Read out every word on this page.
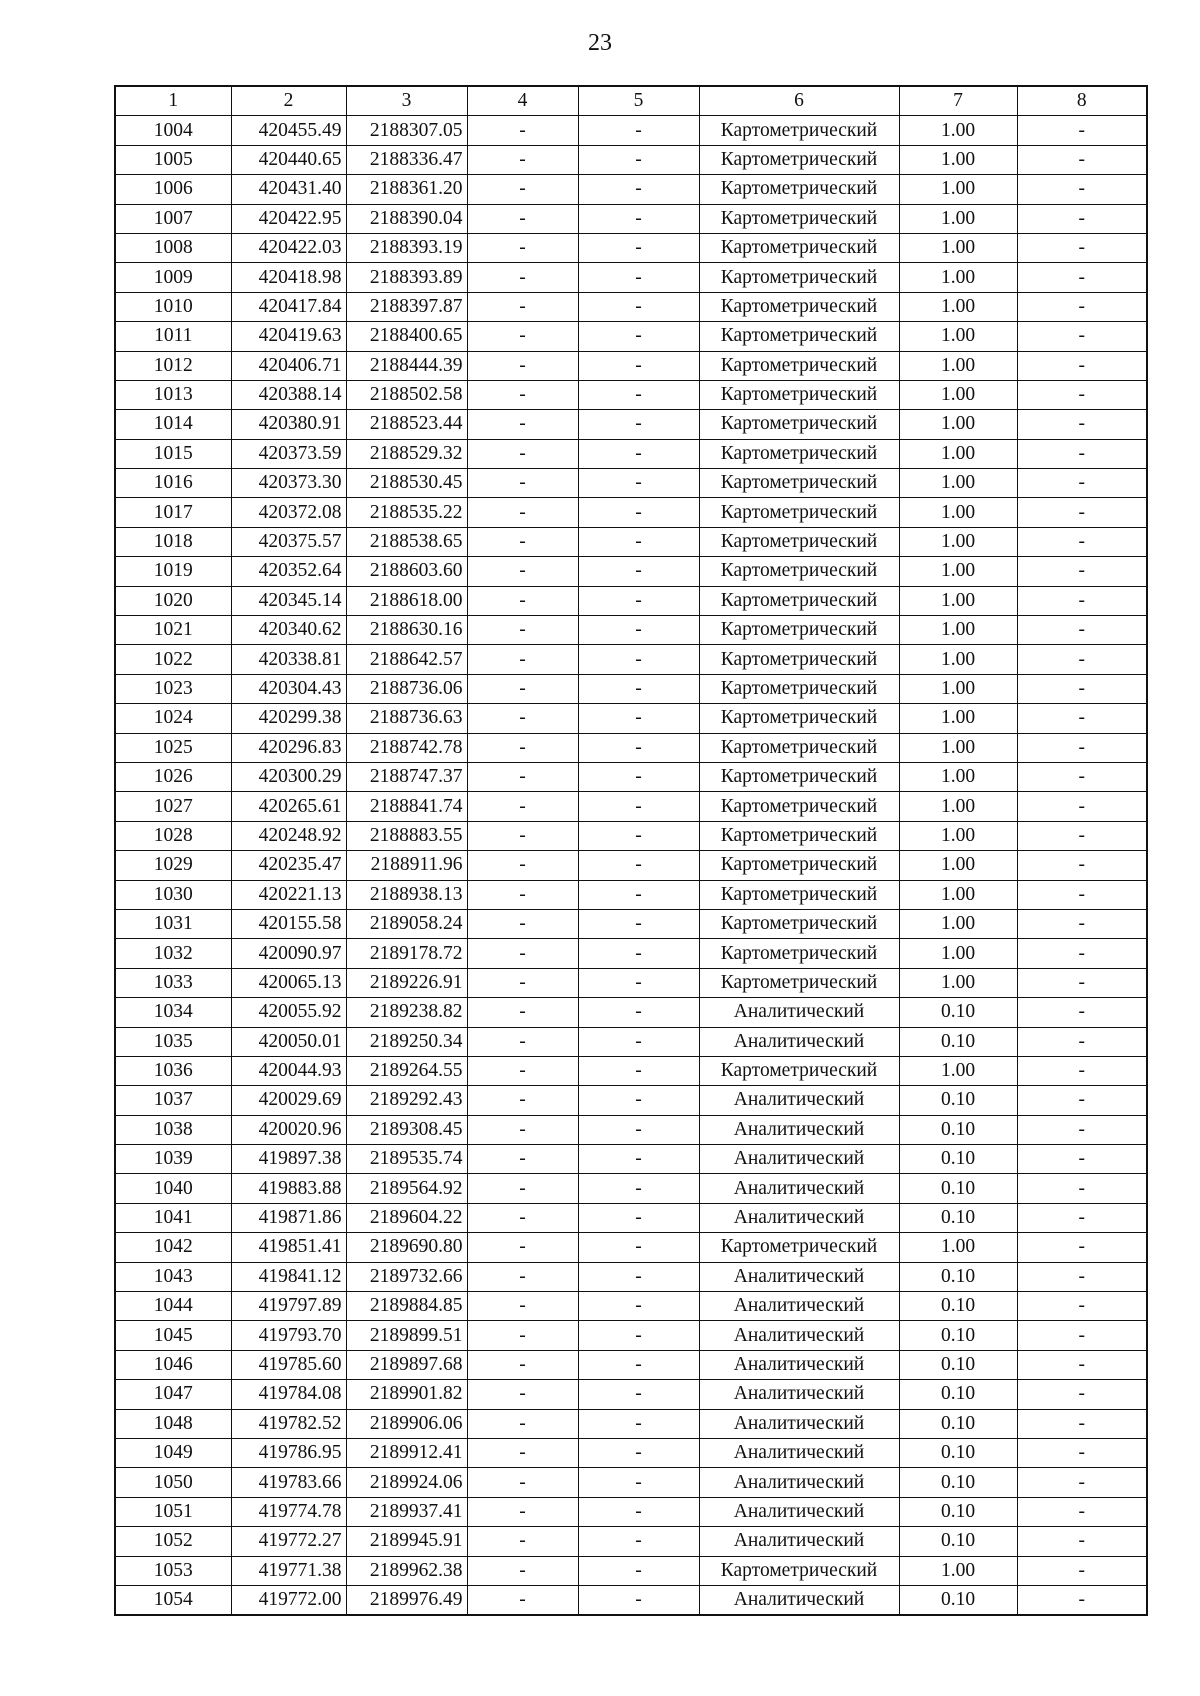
23
1	2	3	4	5	6	7	8
1004	420455.49	2188307.05	-	-	Картометрический	1.00	-
1005	420440.65	2188336.47	-	-	Картометрический	1.00	-
1006	420431.40	2188361.20	-	-	Картометрический	1.00	-
1007	420422.95	2188390.04	-	-	Картометрический	1.00	-
1008	420422.03	2188393.19	-	-	Картометрический	1.00	-
1009	420418.98	2188393.89	-	-	Картометрический	1.00	-
1010	420417.84	2188397.87	-	-	Картометрический	1.00	-
1011	420419.63	2188400.65	-	-	Картометрический	1.00	-
1012	420406.71	2188444.39	-	-	Картометрический	1.00	-
1013	420388.14	2188502.58	-	-	Картометрический	1.00	-
1014	420380.91	2188523.44	-	-	Картометрический	1.00	-
1015	420373.59	2188529.32	-	-	Картометрический	1.00	-
1016	420373.30	2188530.45	-	-	Картометрический	1.00	-
1017	420372.08	2188535.22	-	-	Картометрический	1.00	-
1018	420375.57	2188538.65	-	-	Картометрический	1.00	-
1019	420352.64	2188603.60	-	-	Картометрический	1.00	-
1020	420345.14	2188618.00	-	-	Картометрический	1.00	-
1021	420340.62	2188630.16	-	-	Картометрический	1.00	-
1022	420338.81	2188642.57	-	-	Картометрический	1.00	-
1023	420304.43	2188736.06	-	-	Картометрический	1.00	-
1024	420299.38	2188736.63	-	-	Картометрический	1.00	-
1025	420296.83	2188742.78	-	-	Картометрический	1.00	-
1026	420300.29	2188747.37	-	-	Картометрический	1.00	-
1027	420265.61	2188841.74	-	-	Картометрический	1.00	-
1028	420248.92	2188883.55	-	-	Картометрический	1.00	-
1029	420235.47	2188911.96	-	-	Картометрический	1.00	-
1030	420221.13	2188938.13	-	-	Картометрический	1.00	-
1031	420155.58	2189058.24	-	-	Картометрический	1.00	-
1032	420090.97	2189178.72	-	-	Картометрический	1.00	-
1033	420065.13	2189226.91	-	-	Картометрический	1.00	-
1034	420055.92	2189238.82	-	-	Аналитический	0.10	-
1035	420050.01	2189250.34	-	-	Аналитический	0.10	-
1036	420044.93	2189264.55	-	-	Картометрический	1.00	-
1037	420029.69	2189292.43	-	-	Аналитический	0.10	-
1038	420020.96	2189308.45	-	-	Аналитический	0.10	-
1039	419897.38	2189535.74	-	-	Аналитический	0.10	-
1040	419883.88	2189564.92	-	-	Аналитический	0.10	-
1041	419871.86	2189604.22	-	-	Аналитический	0.10	-
1042	419851.41	2189690.80	-	-	Картометрический	1.00	-
1043	419841.12	2189732.66	-	-	Аналитический	0.10	-
1044	419797.89	2189884.85	-	-	Аналитический	0.10	-
1045	419793.70	2189899.51	-	-	Аналитический	0.10	-
1046	419785.60	2189897.68	-	-	Аналитический	0.10	-
1047	419784.08	2189901.82	-	-	Аналитический	0.10	-
1048	419782.52	2189906.06	-	-	Аналитический	0.10	-
1049	419786.95	2189912.41	-	-	Аналитический	0.10	-
1050	419783.66	2189924.06	-	-	Аналитический	0.10	-
1051	419774.78	2189937.41	-	-	Аналитический	0.10	-
1052	419772.27	2189945.91	-	-	Аналитический	0.10	-
1053	419771.38	2189962.38	-	-	Картометрический	1.00	-
1054	419772.00	2189976.49	-	-	Аналитический	0.10	-
